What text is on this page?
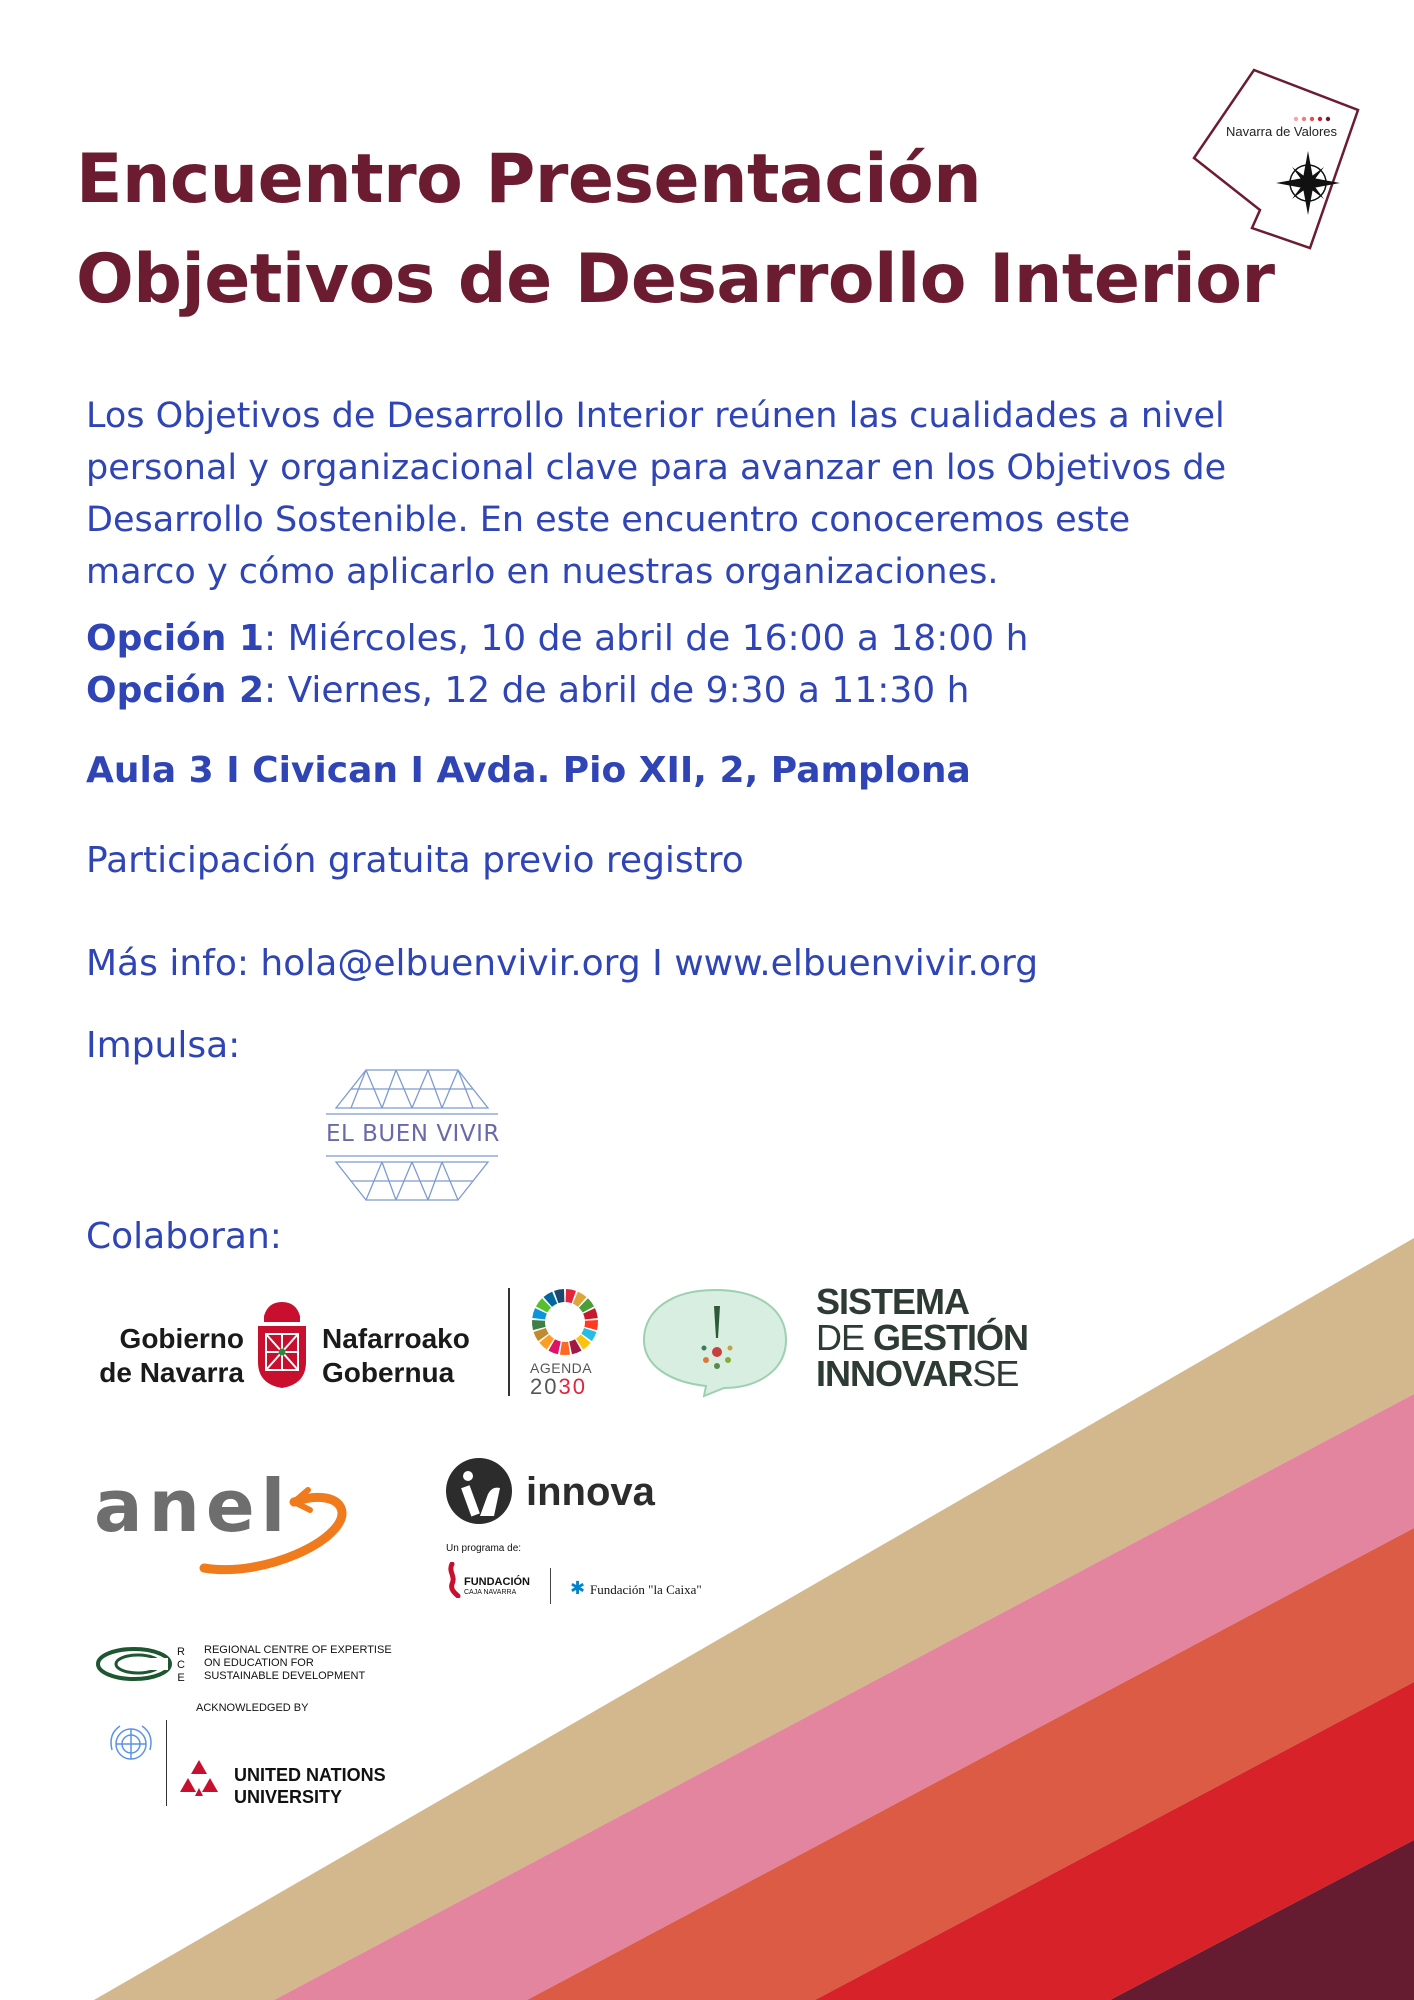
Navarra de Valores
Encuentro Presentación
Objetivos de Desarrollo Interior
Los Objetivos de Desarrollo Interior reúnen las cualidades a nivel personal y organizacional clave para avanzar en los Objetivos de Desarrollo Sostenible. En este encuentro conoceremos este marco y cómo aplicarlo en nuestras organizaciones.
Opción 1: Miércoles, 10 de abril de 16:00 a 18:00 h
Opción 2: Viernes, 12 de abril de 9:30 a 11:30 h
Aula 3 I Civican I Avda. Pio XII, 2, Pamplona
Participación gratuita previo registro
Más info: hola@elbuenvivir.org I www.elbuenvivir.org
Impulsa:
EL BUEN VIVIR
Colaboran:
Gobierno
de Navarra
Nafarroako
Gobernua	AGENDA
2030
SISTEMA
DE GESTIÓN
INNOVARSE
anel	innova
Un programa de:
FUNDACIÓN
CAJA NAVARRA	✱ Fundación "la Caixa"
R
C
E
REGIONAL CENTRE OF EXPERTISE
ON EDUCATION FOR
SUSTAINABLE DEVELOPMENT
ACKNOWLEDGED BY
UNITED NATIONS
UNIVERSITY
